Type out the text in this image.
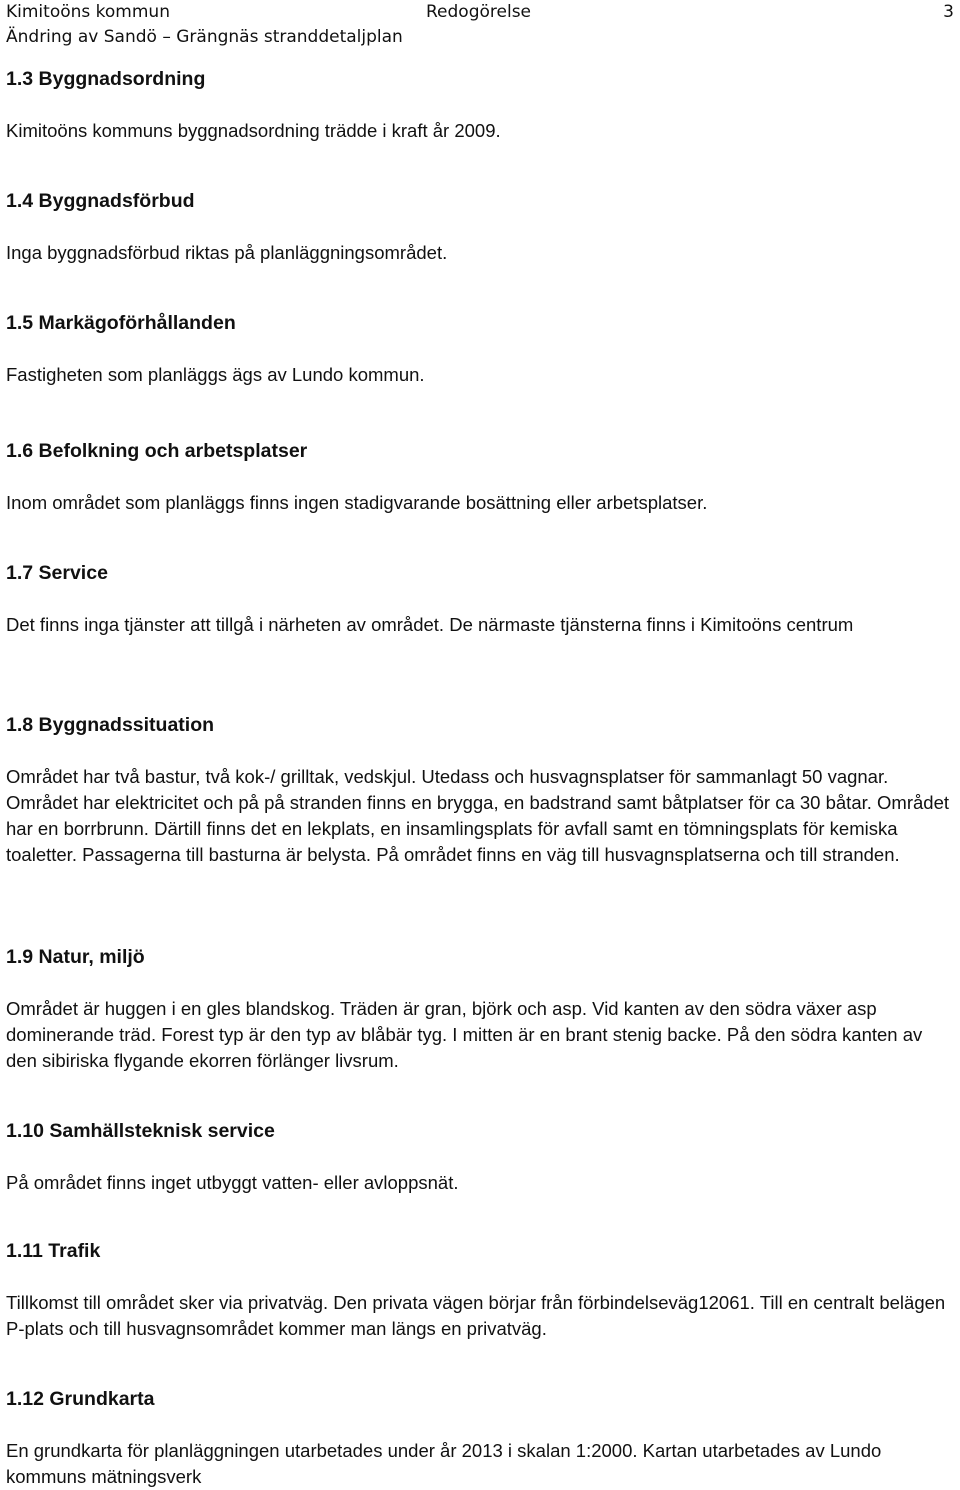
Kimitoöns kommun
Ändring av Sandö – Grängnäs stranddetaljplan
Redogörelse	3

1.3 Byggnadsordning

Kimitoöns kommuns byggnadsordning trädde i kraft år 2009.

1.4 Byggnadsförbud

Inga byggnadsförbud riktas på planläggningsområdet.

1.5 Markägoförhållanden

Fastigheten som planläggs ägs av Lundo kommun.

1.6 Befolkning och arbetsplatser

Inom området som planläggs finns ingen stadigvarande bosättning eller arbetsplatser.

1.7 Service

Det finns inga tjänster att tillgå i närheten av området. De närmaste tjänsterna finns i Kimitoöns centrum

1.8 Byggnadssituation

Området har två bastur, två kok-/ grilltak, vedskjul. Utedass och husvagnsplatser för sammanlagt 50 vagnar. Området har elektricitet och på på stranden finns en brygga, en badstrand samt båtplatser för ca 30 båtar. Området har en borrbrunn. Därtill finns det en lekplats, en insamlingsplats för avfall samt en tömningsplats för kemiska toaletter. Passagerna till basturna är belysta. På området finns en väg till husvagnsplatserna och till stranden.

1.9 Natur, miljö

Området är huggen i en gles blandskog. Träden är gran, björk och asp. Vid kanten av den södra växer asp dominerande träd. Forest typ är den typ av blåbär tyg. I mitten är en brant stenig backe. På den södra kanten av den sibiriska flygande ekorren förlänger livsrum.

1.10 Samhällsteknisk service

På området finns inget utbyggt vatten- eller avloppsnät.

1.11 Trafik

Tillkomst till området sker via privatväg. Den privata vägen börjar från förbindelseväg12061. Till en centralt belägen P-plats och till husvagnsområdet kommer man längs en privatväg.

1.12 Grundkarta

En grundkarta för planläggningen utarbetades under år 2013 i skalan 1:2000. Kartan utarbetades av Lundo kommuns mätningsverk
